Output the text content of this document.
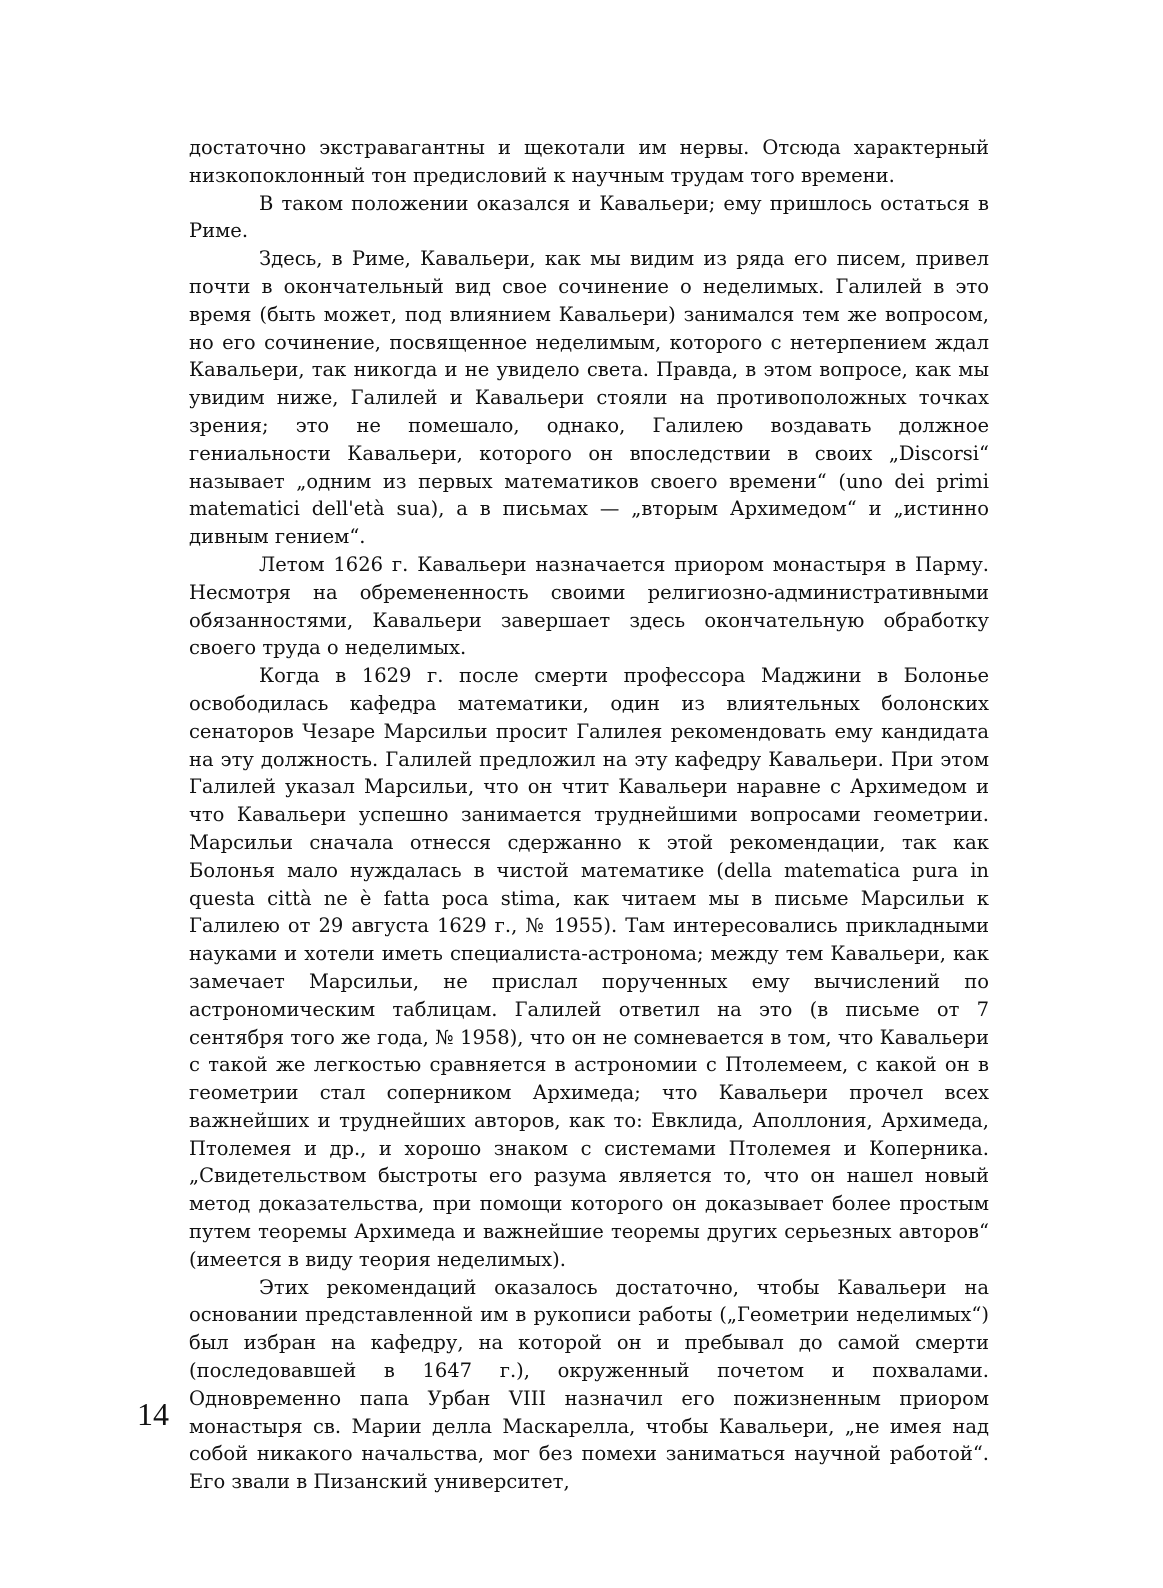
достаточно экстравагантны и щекотали им нервы. Отсюда характерный низкопоклонный тон предисловий к научным трудам того времени.

В таком положении оказался и Кавальери; ему пришлось остаться в Риме.

Здесь, в Риме, Кавальери, как мы видим из ряда его писем, привел почти в окончательный вид свое сочинение о неделимых. Галилей в это время (быть может, под влиянием Кавальери) занимался тем же вопросом, но его сочинение, посвященное неделимым, которого с нетерпением ждал Кавальери, так никогда и не увидело света. Правда, в этом вопросе, как мы увидим ниже, Галилей и Кавальери стояли на противоположных точках зрения; это не помешало, однако, Галилею воздавать должное гениальности Кавальери, которого он впоследствии в своих „Discorsi“ называет „одним из первых математиков своего времени“ (uno dei primi matematici dell'età sua), а в письмах — „вторым Архимедом“ и „истинно дивным гением“.

Летом 1626 г. Кавальери назначается приором монастыря в Парму. Несмотря на обремененность своими религиозно-административными обязанностями, Кавальери завершает здесь окончательную обработку своего труда о неделимых.

Когда в 1629 г. после смерти профессора Маджини в Болонье освободилась кафедра математики, один из влиятельных болонских сенаторов Чезаре Марсильи просит Галилея рекомендовать ему кандидата на эту должность. Галилей предложил на эту кафедру Кавальери. При этом Галилей указал Марсильи, что он чтит Кавальери наравне с Архимедом и что Кавальери успешно занимается труднейшими вопросами геометрии. Марсильи сначала отнесся сдержанно к этой рекомендации, так как Болонья мало нуждалась в чистой математике (della matematica pura in questa città ne è fatta poca stima, как читаем мы в письме Марсильи к Галилею от 29 августа 1629 г., № 1955). Там интересовались прикладными науками и хотели иметь специалиста-астронома; между тем Кавальери, как замечает Марсильи, не прислал порученных ему вычислений по астрономическим таблицам. Галилей ответил на это (в письме от 7 сентября того же года, № 1958), что он не сомневается в том, что Кавальери с такой же легкостью сравняется в астрономии с Птолемеем, с какой он в геометрии стал соперником Архимеда; что Кавальери прочел всех важнейших и труднейших авторов, как то: Евклида, Аполлония, Архимеда, Птолемея и др., и хорошо знаком с системами Птолемея и Коперника. „Свидетельством быстроты его разума является то, что он нашел новый метод доказательства, при помощи которого он доказывает более простым путем теоремы Архимеда и важнейшие теоремы других серьезных авторов“ (имеется в виду теория неделимых).

Этих рекомендаций оказалось достаточно, чтобы Кавальери на основании представленной им в рукописи работы („Геометрии неделимых“) был избран на кафедру, на которой он и пребывал до самой смерти (последовавшей в 1647 г.), окруженный почетом и похвалами. Одновременно папа Урбан VIII назначил его пожизненным приором монастыря св. Марии делла Маскарелла, чтобы Кавальери, „не имея над собой никакого начальства, мог без помехи заниматься научной работой“. Его звали в Пизанский университет,

14
